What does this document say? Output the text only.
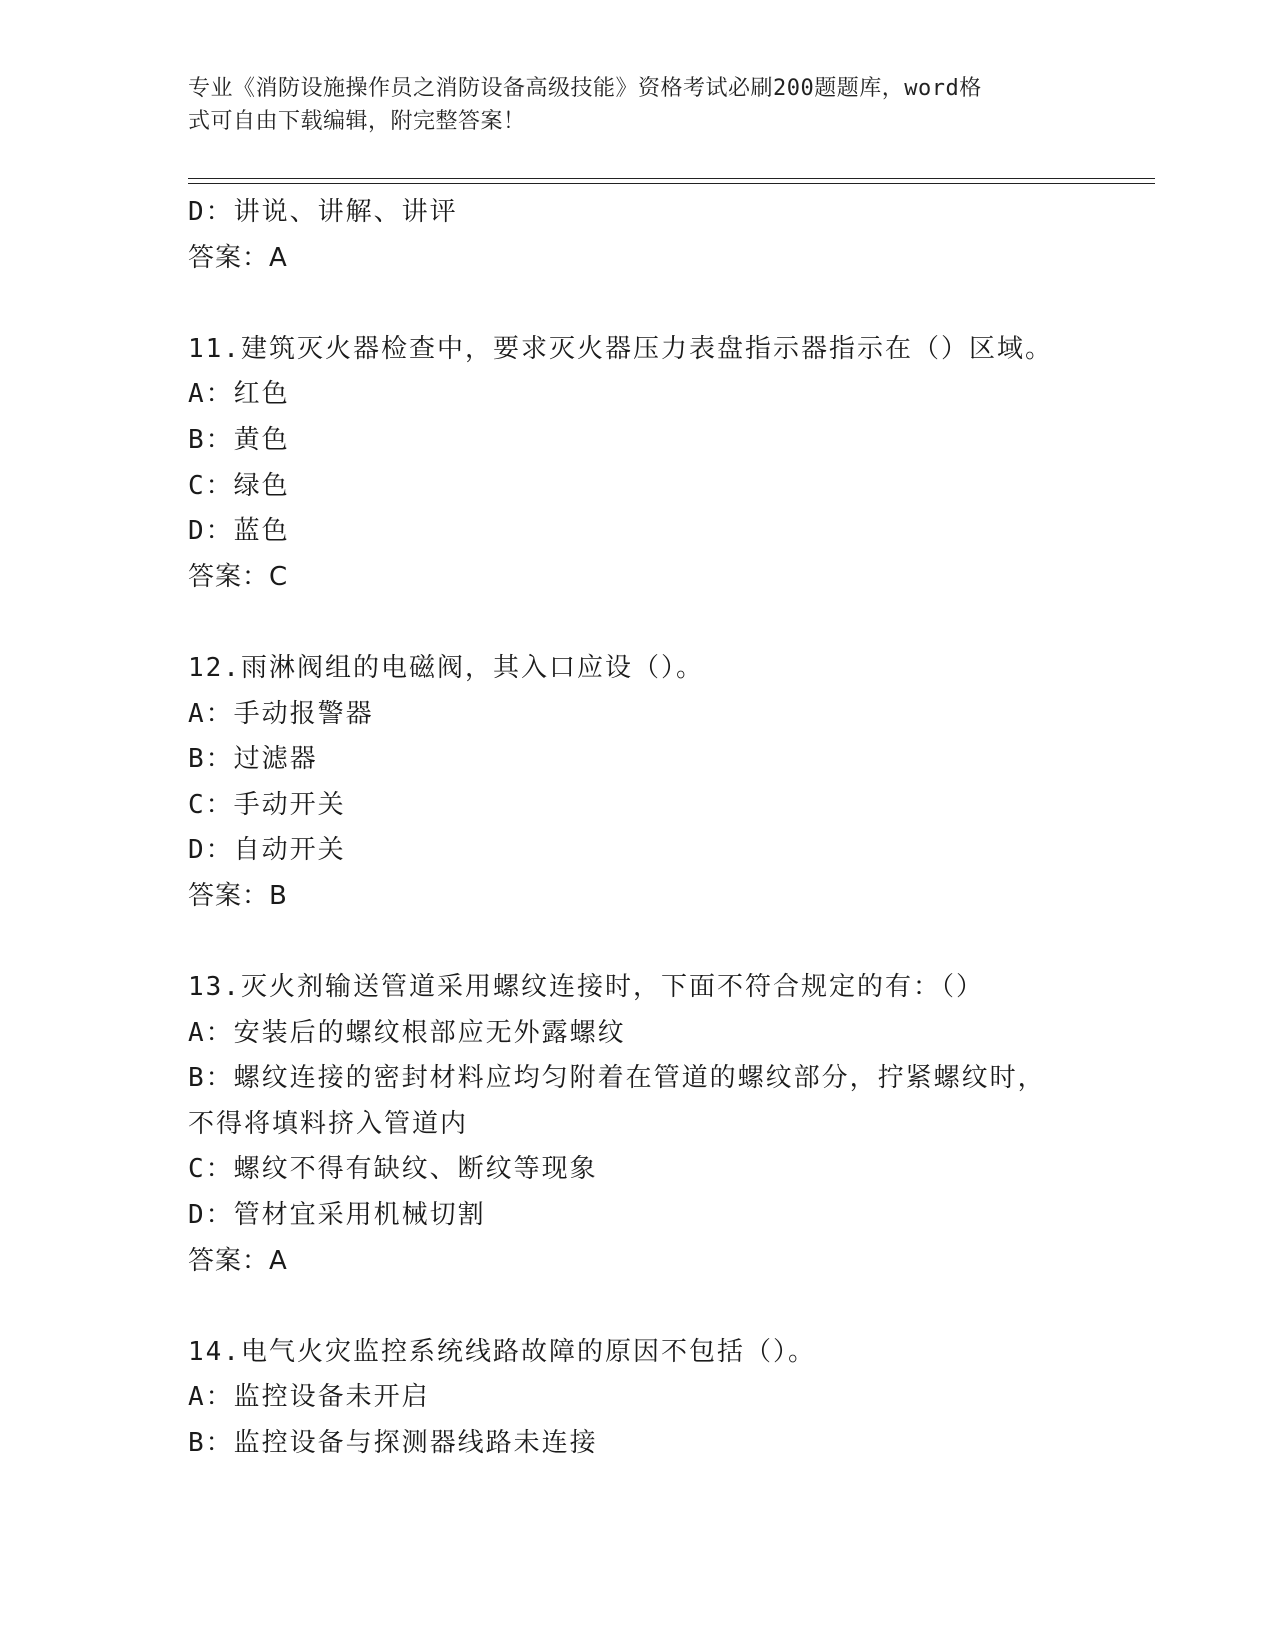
专业《消防设施操作员之消防设备高级技能》资格考试必刷200题题库，word格
式可自由下载编辑，附完整答案！
D：讲说、讲解、讲评
答案：A
11.建筑灭火器检查中，要求灭火器压力表盘指示器指示在（）区域。
A：红色
B：黄色
C：绿色
D：蓝色
答案：C
12.雨淋阀组的电磁阀，其入口应设（）。
A：手动报警器
B：过滤器
C：手动开关
D：自动开关
答案：B
13.灭火剂输送管道采用螺纹连接时，下面不符合规定的有：（）
A：安装后的螺纹根部应无外露螺纹
B：螺纹连接的密封材料应均匀附着在管道的螺纹部分，拧紧螺纹时，
不得将填料挤入管道内
C：螺纹不得有缺纹、断纹等现象
D：管材宜采用机械切割
答案：A
14.电气火灾监控系统线路故障的原因不包括（）。
A：监控设备未开启
B：监控设备与探测器线路未连接
